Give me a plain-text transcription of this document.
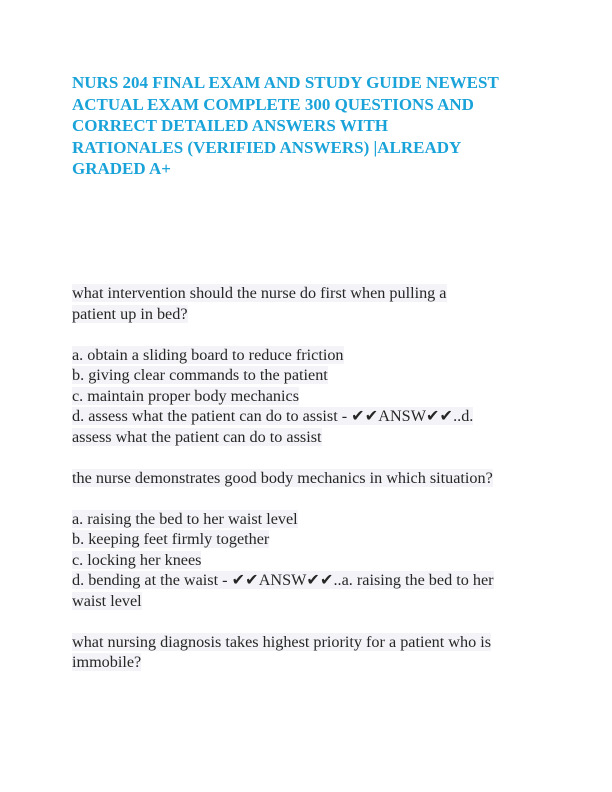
NURS 204 FINAL EXAM AND STUDY GUIDE NEWEST
ACTUAL EXAM COMPLETE 300 QUESTIONS AND
CORRECT DETAILED ANSWERS WITH
RATIONALES (VERIFIED ANSWERS) |ALREADY
GRADED A+
what intervention should the nurse do first when pulling a
patient up in bed?
a. obtain a sliding board to reduce friction
b. giving clear commands to the patient
c. maintain proper body mechanics
d. assess what the patient can do to assist - ✔✔ANSW✔✔..d.
assess what the patient can do to assist
the nurse demonstrates good body mechanics in which situation?
a. raising the bed to her waist level
b. keeping feet firmly together
c. locking her knees
d. bending at the waist - ✔✔ANSW✔✔..a. raising the bed to her
waist level
what nursing diagnosis takes highest priority for a patient who is
immobile?
